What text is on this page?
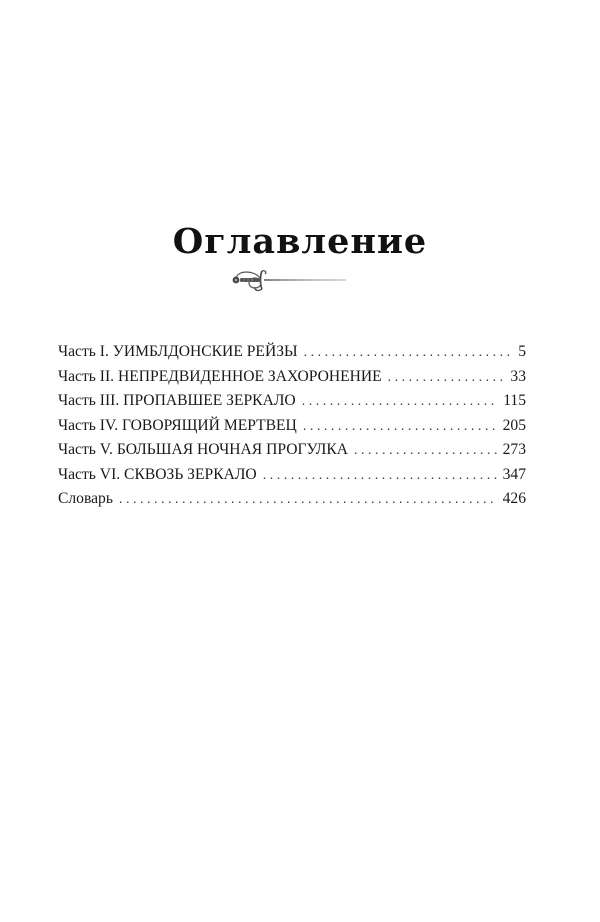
Оглавление
Часть I. УИМБЛДОНСКИЕ РЕЙЗЫ . . .	5
Часть II. НЕПРЕДВИДЕННОЕ ЗАХОРОНЕНИЕ . . .	33
Часть III. ПРОПАВШЕЕ ЗЕРКАЛО . . .	115
Часть IV. ГОВОРЯЩИЙ МЕРТВЕЦ . . .	205
Часть V. БОЛЬШАЯ НОЧНАЯ ПРОГУЛКА . . .	273
Часть VI. СКВОЗЬ ЗЕРКАЛО . . .	347
Словарь . . .	426
